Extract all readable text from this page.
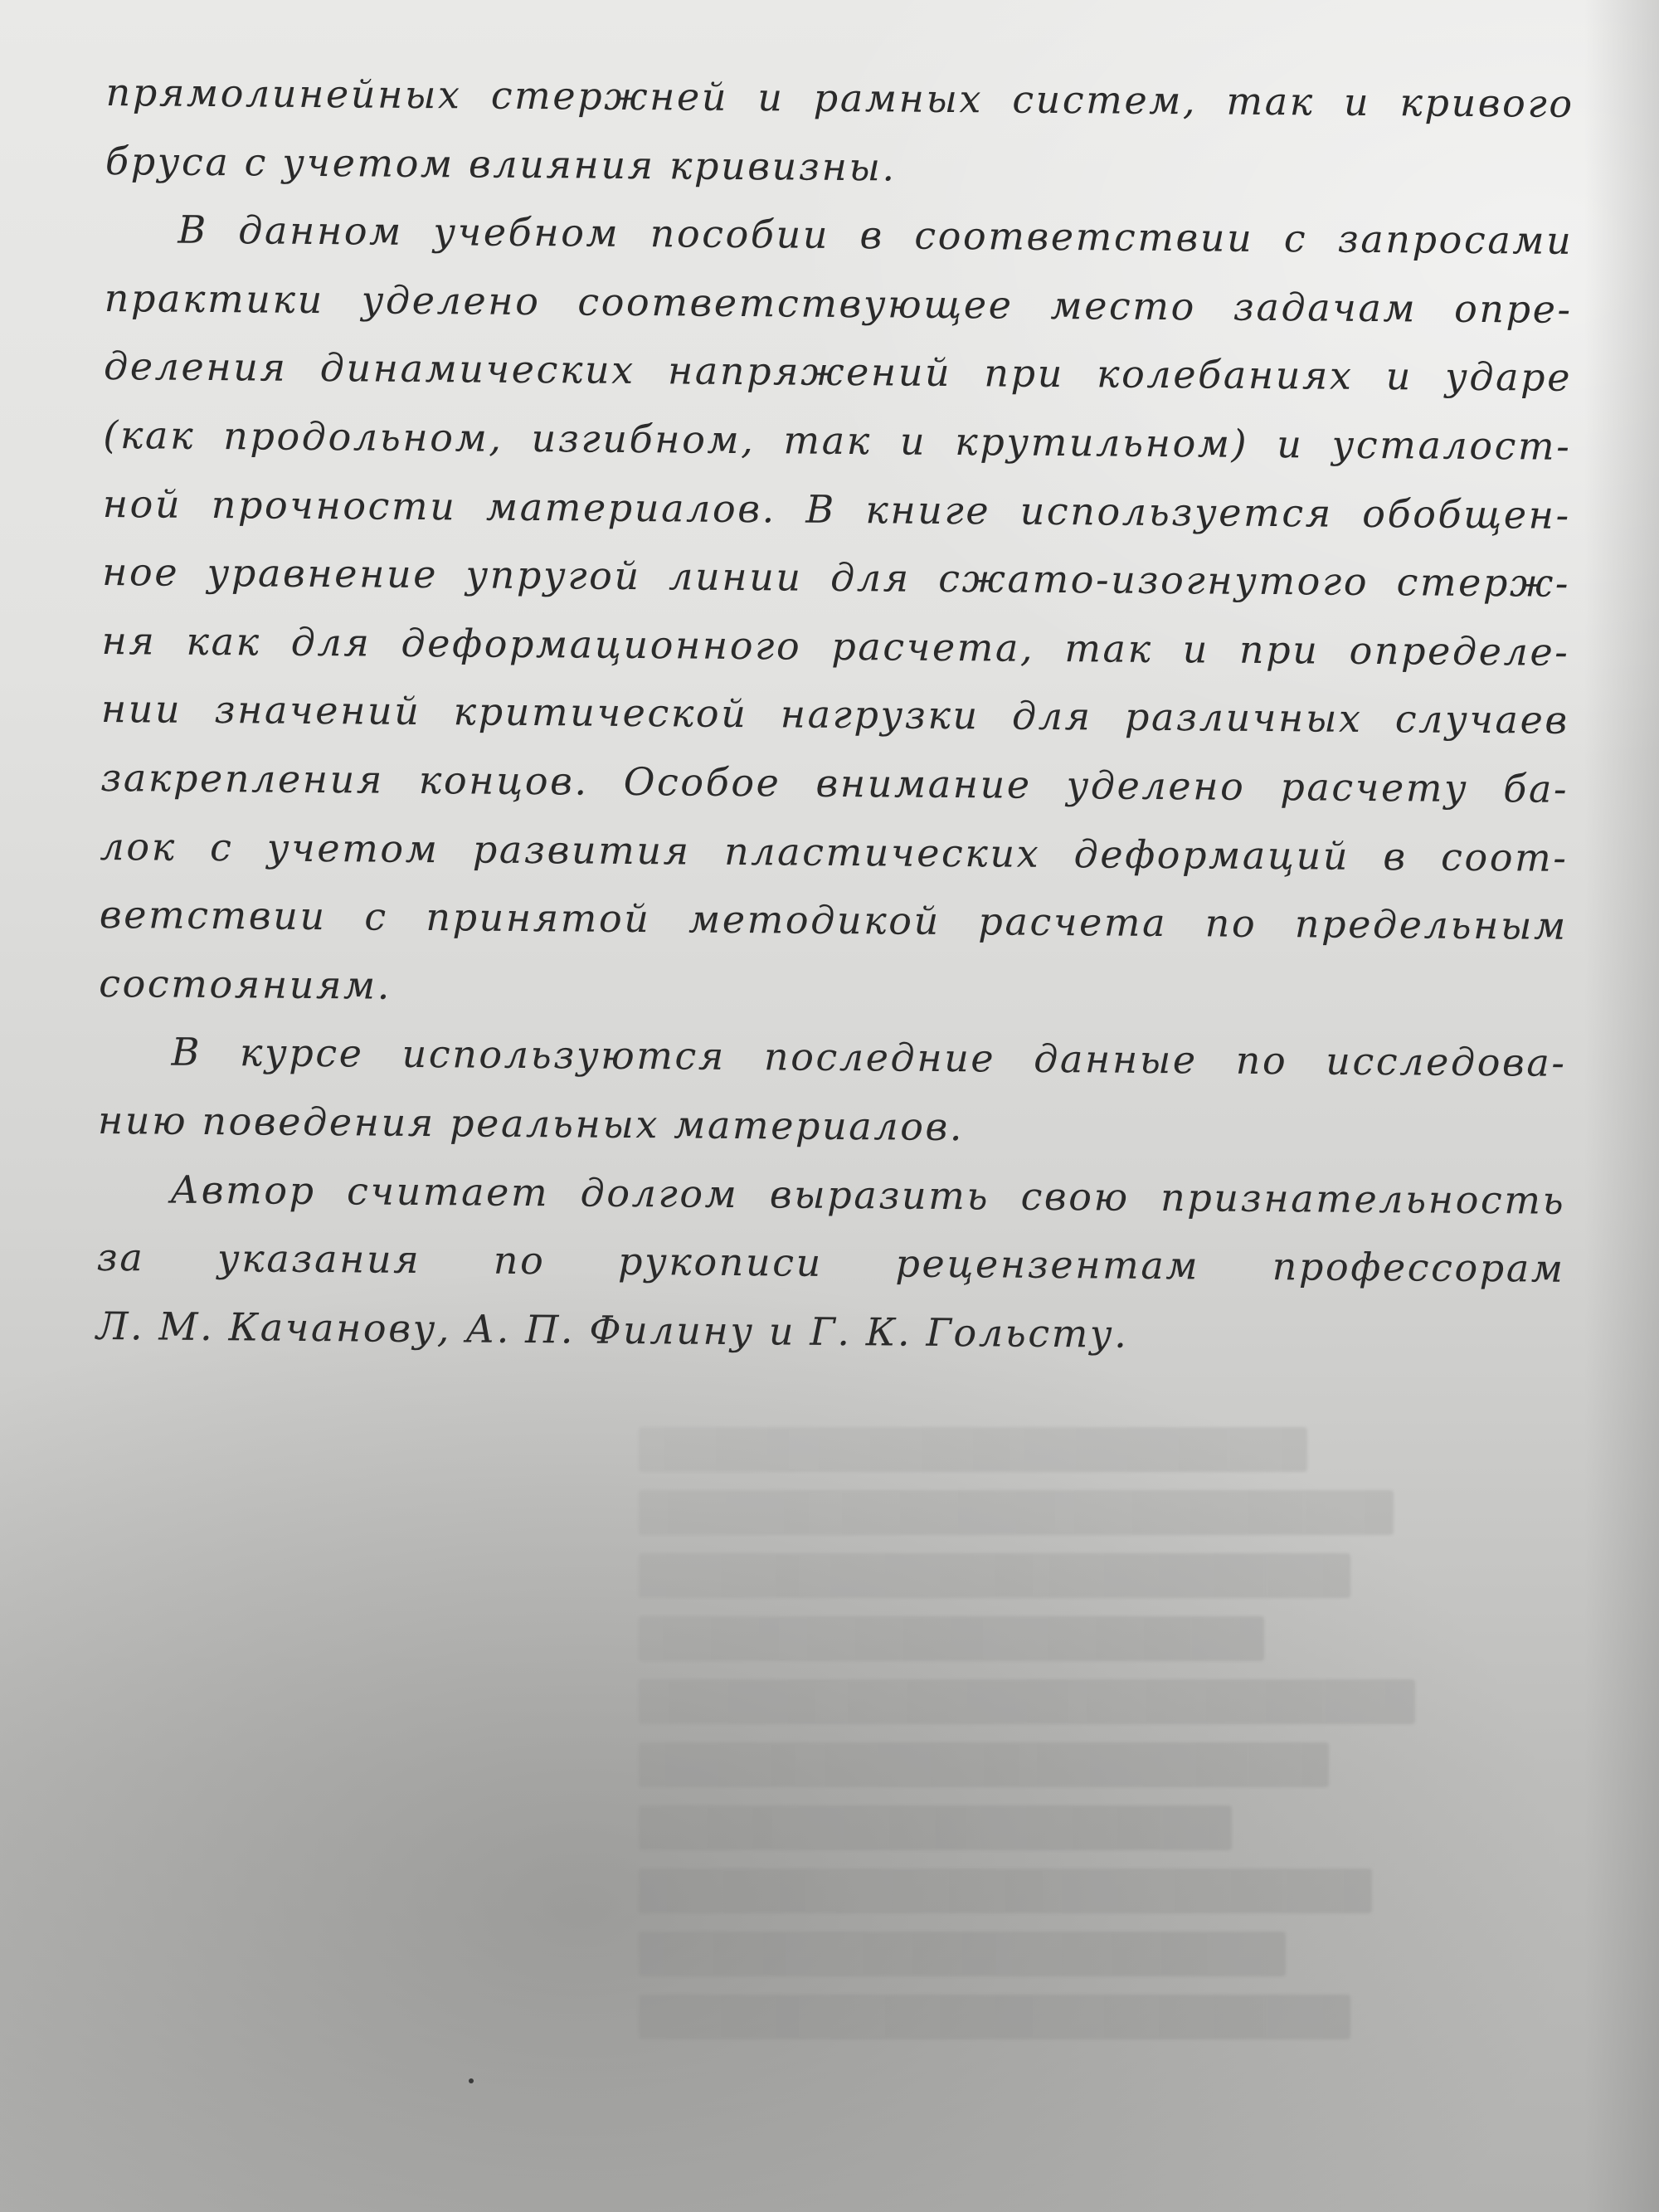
прямолинейных стержней и рамных систем, так и кривого
бруса с учетом влияния кривизны.
В данном учебном пособии в соответствии с запросами
практики уделено соответствующее место задачам опре-
деления динамических напряжений при колебаниях и ударе
(как продольном, изгибном, так и крутильном) и усталост-
ной прочности материалов. В книге используется обобщен-
ное уравнение упругой линии для сжато-изогнутого стерж-
ня как для деформационного расчета, так и при определе-
нии значений критической нагрузки для различных случаев
закрепления концов. Особое внимание уделено расчету ба-
лок с учетом развития пластических деформаций в соот-
ветствии с принятой методикой расчета по предельным
состояниям.
В курсе используются последние данные по исследова-
нию поведения реальных материалов.
Автор считает долгом выразить свою признательность
за указания по рукописи рецензентам профессорам
Л. М. Качанову, А. П. Филину и Г. К. Гольсту.
